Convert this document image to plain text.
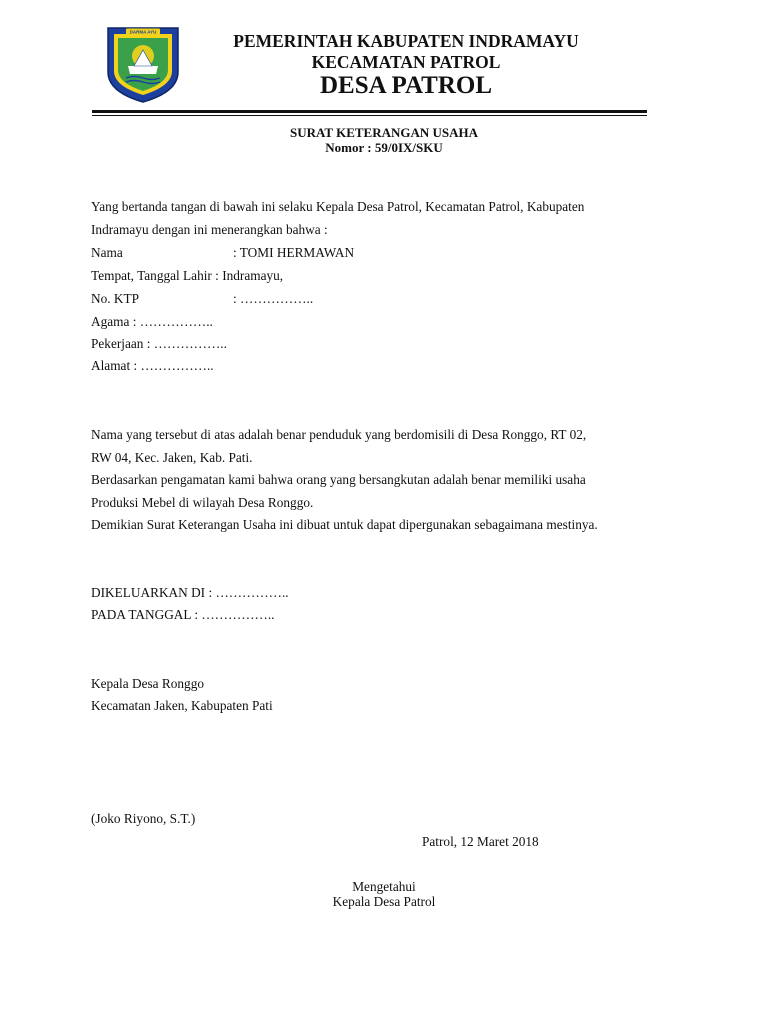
DARMA AYU	PEMERINTAH KABUPATEN INDRAMAYU
KECAMATAN PATROL
DESA PATROL
SURAT KETERANGAN USAHA
Nomor : 59/0IX/SKU
Yang bertanda tangan di bawah ini selaku Kepala Desa Patrol, Kecamatan Patrol, Kabupaten
Indramayu dengan ini menerangkan bahwa :
Nama	: TOMI HERMAWAN
Tempat, Tanggal Lahir : Indramayu,
No. KTP	: ……………..
Agama : ……………..
Pekerjaan : ……………..
Alamat : ……………..
Nama yang tersebut di atas adalah benar penduduk yang berdomisili di Desa Ronggo, RT 02,
RW 04, Kec. Jaken, Kab. Pati.
Berdasarkan pengamatan kami bahwa orang yang bersangkutan adalah benar memiliki usaha
Produksi Mebel di wilayah Desa Ronggo.
Demikian Surat Keterangan Usaha ini dibuat untuk dapat dipergunakan sebagaimana mestinya.
DIKELUARKAN DI : ……………..
PADA TANGGAL : ……………..
Kepala Desa Ronggo
Kecamatan Jaken, Kabupaten Pati
(Joko Riyono, S.T.)
Patrol, 12 Maret 2018
Mengetahui
Kepala Desa Patrol
